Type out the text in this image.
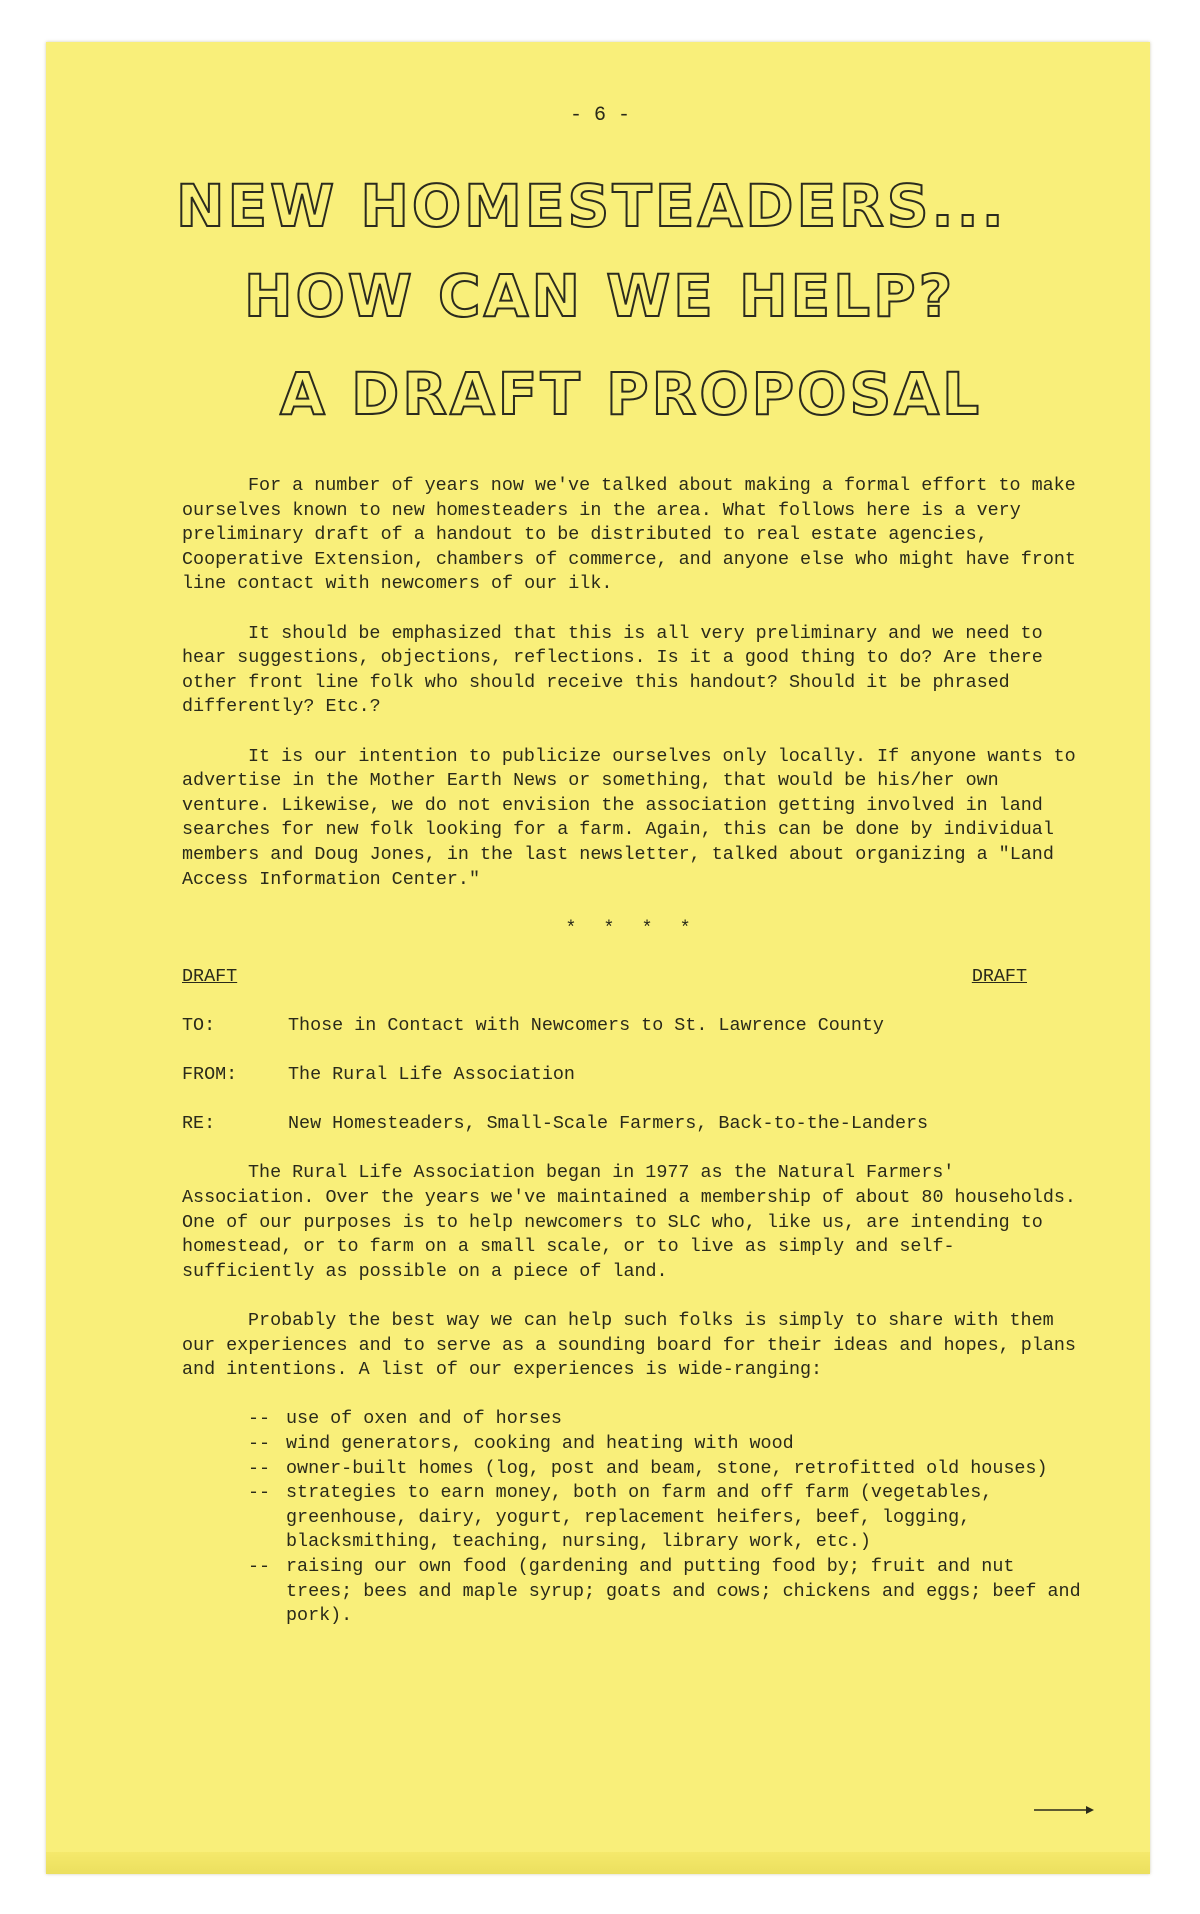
- 6 -
NEW HOMESTEADERS...
HOW CAN WE HELP?
A DRAFT PROPOSAL

For a number of years now we've talked about making a formal effort to make ourselves known to new homesteaders in the area. What follows here is a very preliminary draft of a handout to be distributed to real estate agencies, Cooperative Extension, chambers of commerce, and anyone else who might have front line contact with newcomers of our ilk.

It should be emphasized that this is all very preliminary and we need to hear suggestions, objections, reflections. Is it a good thing to do? Are there other front line folk who should receive this handout? Should it be phrased differently? Etc.?

It is our intention to publicize ourselves only locally. If anyone wants to advertise in the Mother Earth News or something, that would be his/her own venture. Likewise, we do not envision the association getting involved in land searches for new folk looking for a farm. Again, this can be done by individual members and Doug Jones, in the last newsletter, talked about organizing a "Land Access Information Center."

* * * *
DRAFT	DRAFT
TO:	Those in Contact with Newcomers to St. Lawrence County
FROM:	The Rural Life Association
RE:	New Homesteaders, Small-Scale Farmers, Back-to-the-Landers

The Rural Life Association began in 1977 as the Natural Farmers' Association. Over the years we've maintained a membership of about 80 households. One of our purposes is to help newcomers to SLC who, like us, are intending to homestead, or to farm on a small scale, or to live as simply and self-sufficiently as possible on a piece of land.

Probably the best way we can help such folks is simply to share with them our experiences and to serve as a sounding board for their ideas and hopes, plans and intentions. A list of our experiences is wide-ranging:

-- use of oxen and of horses
-- wind generators, cooking and heating with wood
-- owner-built homes (log, post and beam, stone, retrofitted old houses)
-- strategies to earn money, both on farm and off farm (vegetables, greenhouse, dairy, yogurt, replacement heifers, beef, logging, blacksmithing, teaching, nursing, library work, etc.)
-- raising our own food (gardening and putting food by; fruit and nut trees; bees and maple syrup; goats and cows; chickens and eggs; beef and pork).
